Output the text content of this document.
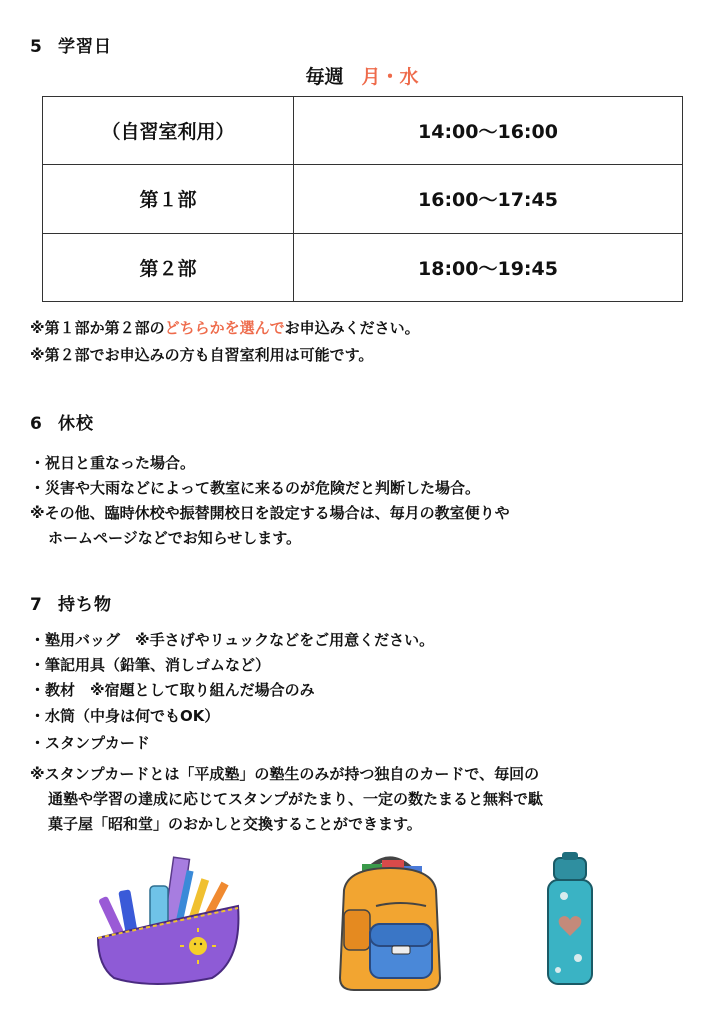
5 学習日
毎週 月・水
（自習室利用）	14:00〜16:00
第１部	16:00〜17:45
第２部	18:00〜19:45
※第１部か第２部のどちらかを選んでお申込みください。
※第２部でお申込みの方も自習室利用は可能です。
6 休校
・祝日と重なった場合。
・災害や大雨などによって教室に来るのが危険だと判断した場合。
※その他、臨時休校や振替開校日を設定する場合は、毎月の教室便りや
ホームページなどでお知らせします。
7 持ち物
・塾用バッグ　※手さげやリュックなどをご用意ください。
・筆記用具（鉛筆、消しゴムなど）
・教材　※宿題として取り組んだ場合のみ
・水筒（中身は何でもOK）
・スタンプカード
※スタンプカードとは「平成塾」の塾生のみが持つ独自のカードで、毎回の
通塾や学習の達成に応じてスタンプがたまり、一定の数たまると無料で駄
菓子屋「昭和堂」のおかしと交換することができます。
